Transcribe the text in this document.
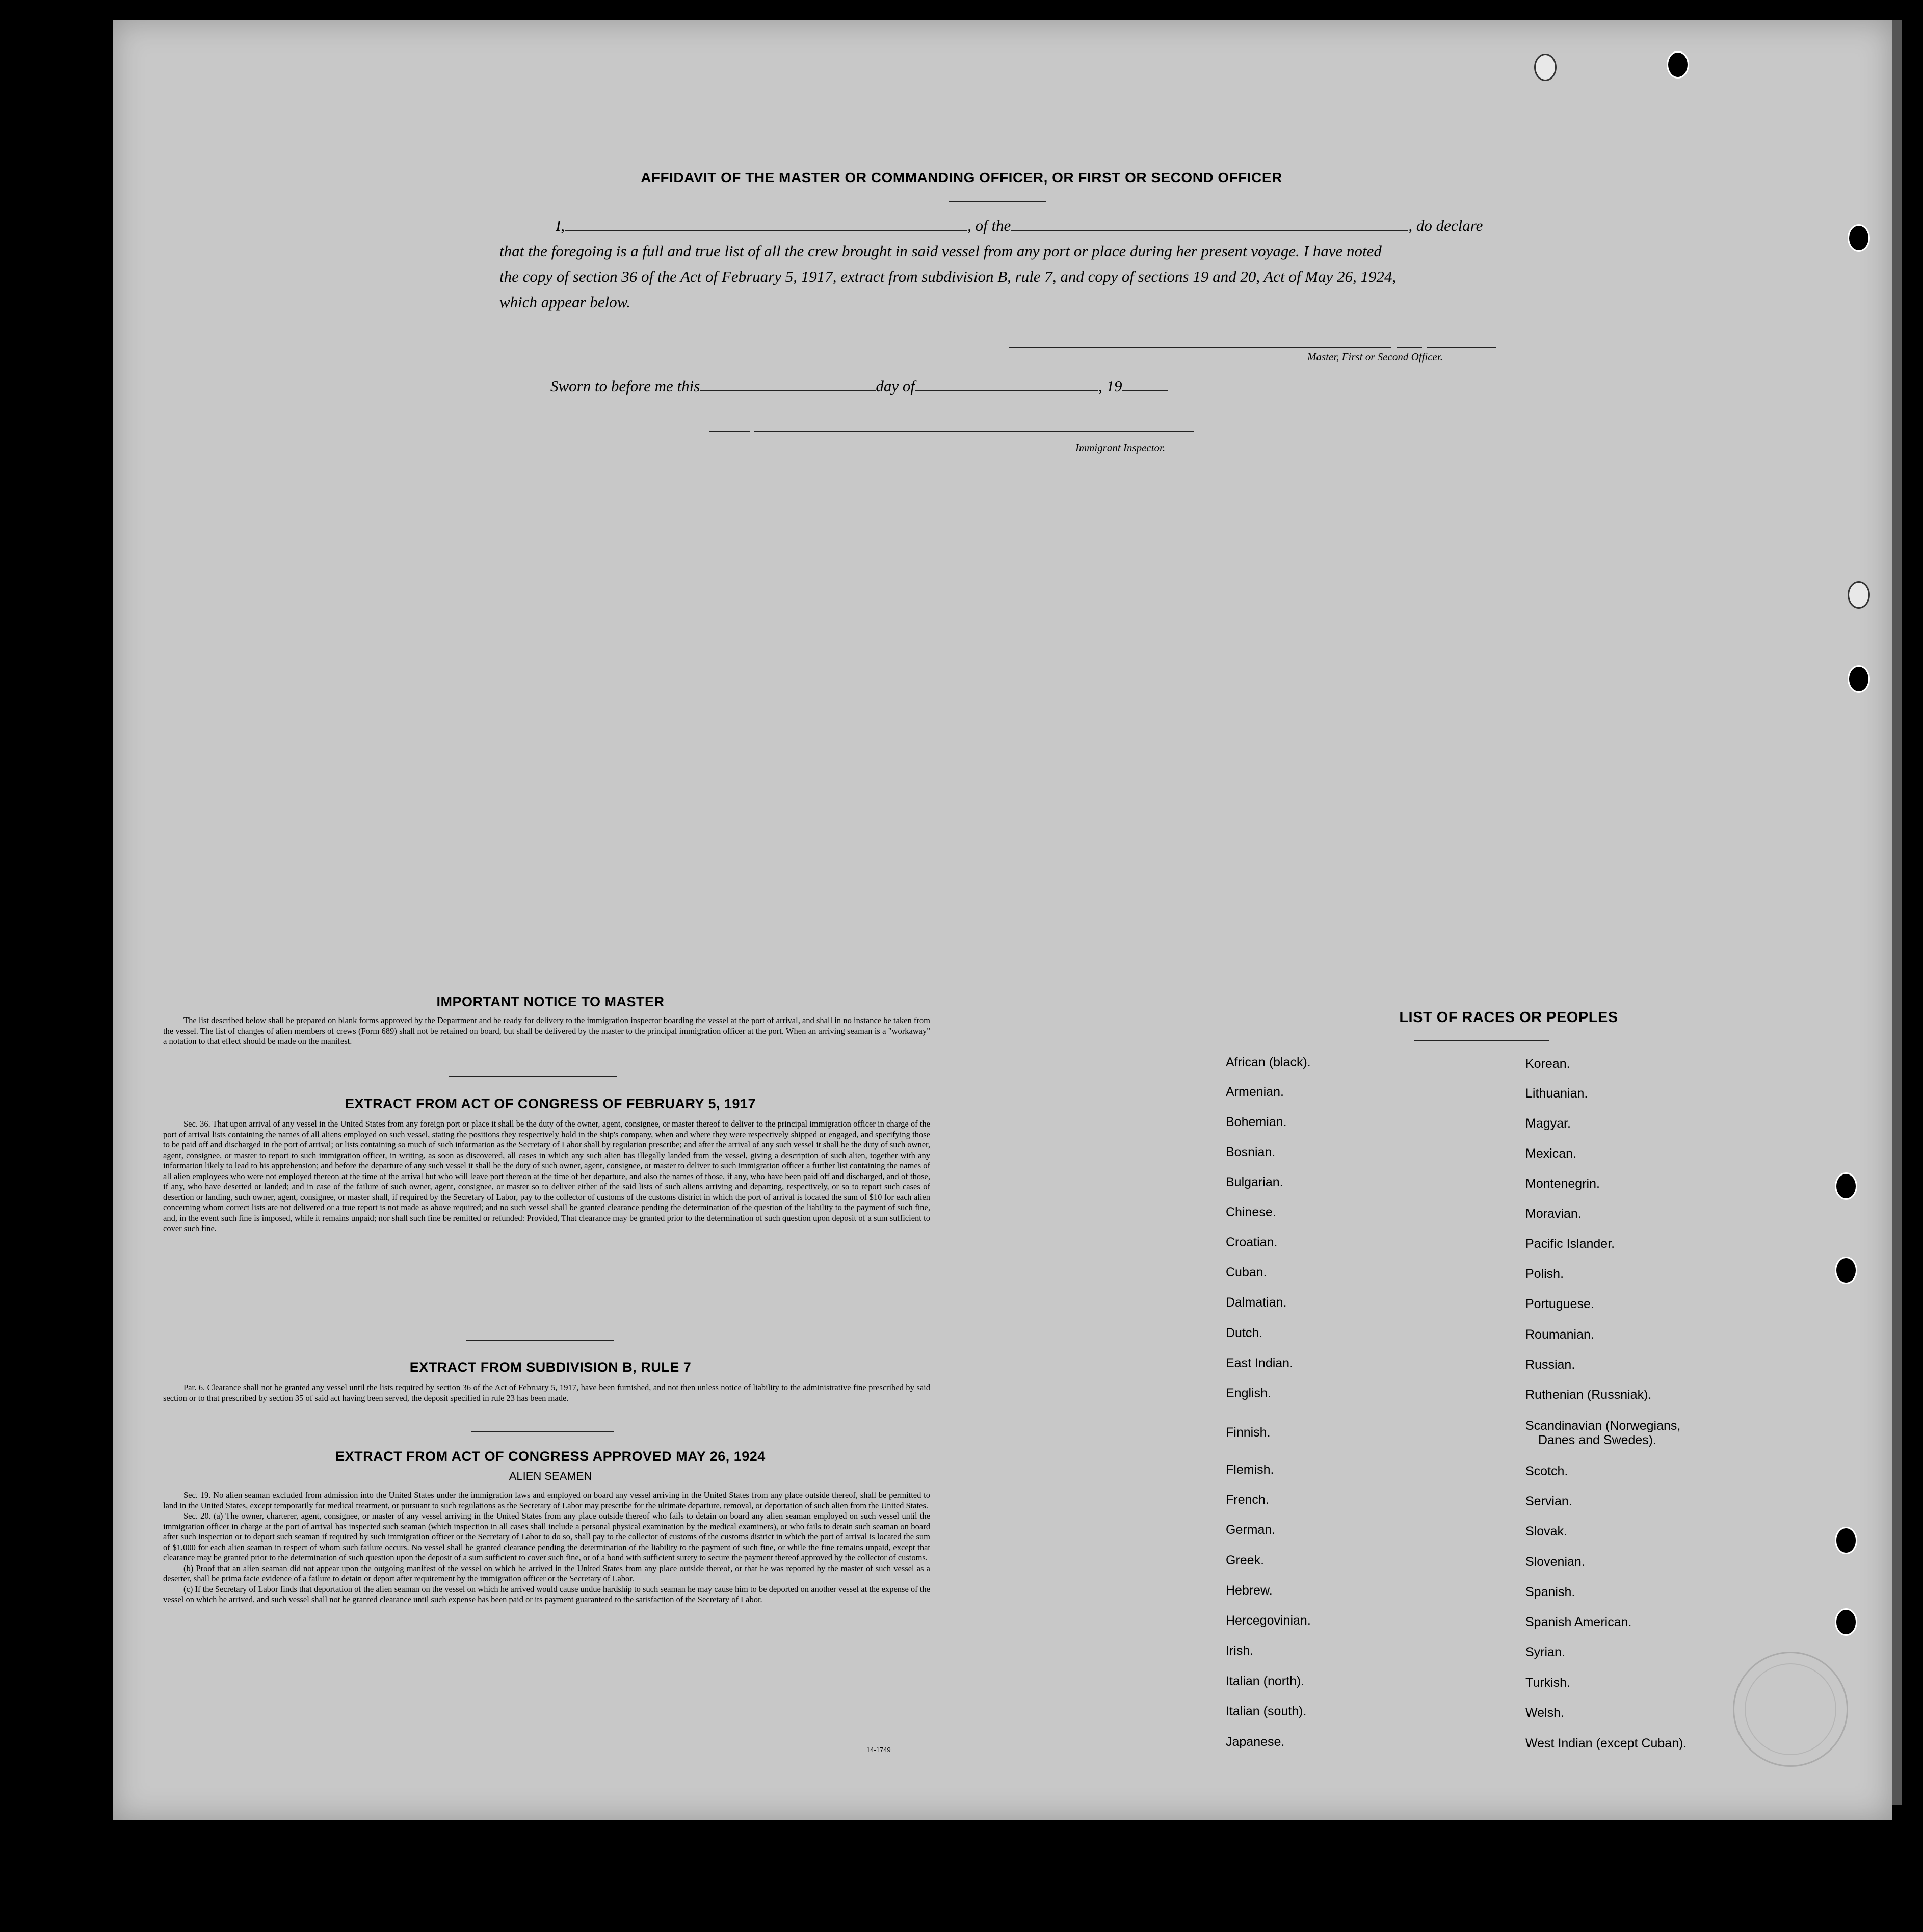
AFFIDAVIT OF THE MASTER OR COMMANDING OFFICER, OR FIRST OR SECOND OFFICER
I,	, of the	, do declare
that the foregoing is a full and true list of all the crew brought in said vessel from any port or place during her present voyage. I have noted
the copy of section 36 of the Act of February 5, 1917, extract from subdivision B, rule 7, and copy of sections 19 and 20, Act of May 26, 1924,
which appear below.
Master, First or Second Officer.
Sworn to before me this	day of	, 19
Immigrant Inspector.
IMPORTANT NOTICE TO MASTER

The list described below shall be prepared on blank forms approved by the Department and be ready for delivery to the immigration inspector boarding the vessel at the port of arrival, and shall in no instance be taken from the vessel. The list of changes of alien members of crews (Form 689) shall not be retained on board, but shall be delivered by the master to the principal immigration officer at the port. When an arriving seaman is a "workaway" a notation to that effect should be made on the manifest.

EXTRACT FROM ACT OF CONGRESS OF FEBRUARY 5, 1917

Sec. 36. That upon arrival of any vessel in the United States from any foreign port or place it shall be the duty of the owner, agent, consignee, or master thereof to deliver to the principal immigration officer in charge of the port of arrival lists containing the names of all aliens employed on such vessel, stating the positions they respectively hold in the ship's company, when and where they were respectively shipped or engaged, and specifying those to be paid off and discharged in the port of arrival; or lists containing so much of such information as the Secretary of Labor shall by regulation prescribe; and after the arrival of any such vessel it shall be the duty of such owner, agent, consignee, or master to report to such immigration officer, in writing, as soon as discovered, all cases in which any such alien has illegally landed from the vessel, giving a description of such alien, together with any information likely to lead to his apprehension; and before the departure of any such vessel it shall be the duty of such owner, agent, consignee, or master to deliver to such immigration officer a further list containing the names of all alien employees who were not employed thereon at the time of the arrival but who will leave port thereon at the time of her departure, and also the names of those, if any, who have been paid off and discharged, and of those, if any, who have deserted or landed; and in case of the failure of such owner, agent, consignee, or master so to deliver either of the said lists of such aliens arriving and departing, respectively, or so to report such cases of desertion or landing, such owner, agent, consignee, or master shall, if required by the Secretary of Labor, pay to the collector of customs of the customs district in which the port of arrival is located the sum of $10 for each alien concerning whom correct lists are not delivered or a true report is not made as above required; and no such vessel shall be granted clearance pending the determination of the question of the liability to the payment of such fine, and, in the event such fine is imposed, while it remains unpaid; nor shall such fine be remitted or refunded: Provided, That clearance may be granted prior to the determination of such question upon deposit of a sum sufficient to cover such fine.

EXTRACT FROM SUBDIVISION B, RULE 7

Par. 6. Clearance shall not be granted any vessel until the lists required by section 36 of the Act of February 5, 1917, have been furnished, and not then unless notice of liability to the administrative fine prescribed by said section or to that prescribed by section 35 of said act having been served, the deposit specified in rule 23 has been made.

EXTRACT FROM ACT OF CONGRESS APPROVED MAY 26, 1924
ALIEN SEAMEN

Sec. 19. No alien seaman excluded from admission into the United States under the immigration laws and employed on board any vessel arriving in the United States from any place outside thereof, shall be permitted to land in the United States, except temporarily for medical treatment, or pursuant to such regulations as the Secretary of Labor may prescribe for the ultimate departure, removal, or deportation of such alien from the United States.

Sec. 20. (a) The owner, charterer, agent, consignee, or master of any vessel arriving in the United States from any place outside thereof who fails to detain on board any alien seaman employed on such vessel until the immigration officer in charge at the port of arrival has inspected such seaman (which inspection in all cases shall include a personal physical examination by the medical examiners), or who fails to detain such seaman on board after such inspection or to deport such seaman if required by such immigration officer or the Secretary of Labor to do so, shall pay to the collector of customs of the customs district in which the port of arrival is located the sum of $1,000 for each alien seaman in respect of whom such failure occurs. No vessel shall be granted clearance pending the determination of the liability to the payment of such fine, or while the fine remains unpaid, except that clearance may be granted prior to the determination of such question upon the deposit of a sum sufficient to cover such fine, or of a bond with sufficient surety to secure the payment thereof approved by the collector of customs.

(b) Proof that an alien seaman did not appear upon the outgoing manifest of the vessel on which he arrived in the United States from any place outside thereof, or that he was reported by the master of such vessel as a deserter, shall be prima facie evidence of a failure to detain or deport after requirement by the immigration officer or the Secretary of Labor.

(c) If the Secretary of Labor finds that deportation of the alien seaman on the vessel on which he arrived would cause undue hardship to such seaman he may cause him to be deported on another vessel at the expense of the vessel on which he arrived, and such vessel shall not be granted clearance until such expense has been paid or its payment guaranteed to the satisfaction of the Secretary of Labor.

14-1749
LIST OF RACES OR PEOPLES
African (black).
Armenian.
Bohemian.
Bosnian.
Bulgarian.
Chinese.
Croatian.
Cuban.
Dalmatian.
Dutch.
East Indian.
English.
Finnish.
Flemish.
French.
German.
Greek.
Hebrew.
Hercegovinian.
Irish.
Italian (north).
Italian (south).
Japanese.
Korean.
Lithuanian.
Magyar.
Mexican.
Montenegrin.
Moravian.
Pacific Islander.
Polish.
Portuguese.
Roumanian.
Russian.
Ruthenian (Russniak).
Scandinavian (Norwegians,
Danes and Swedes).
Scotch.
Servian.
Slovak.
Slovenian.
Spanish.
Spanish American.
Syrian.
Turkish.
Welsh.
West Indian (except Cuban).
